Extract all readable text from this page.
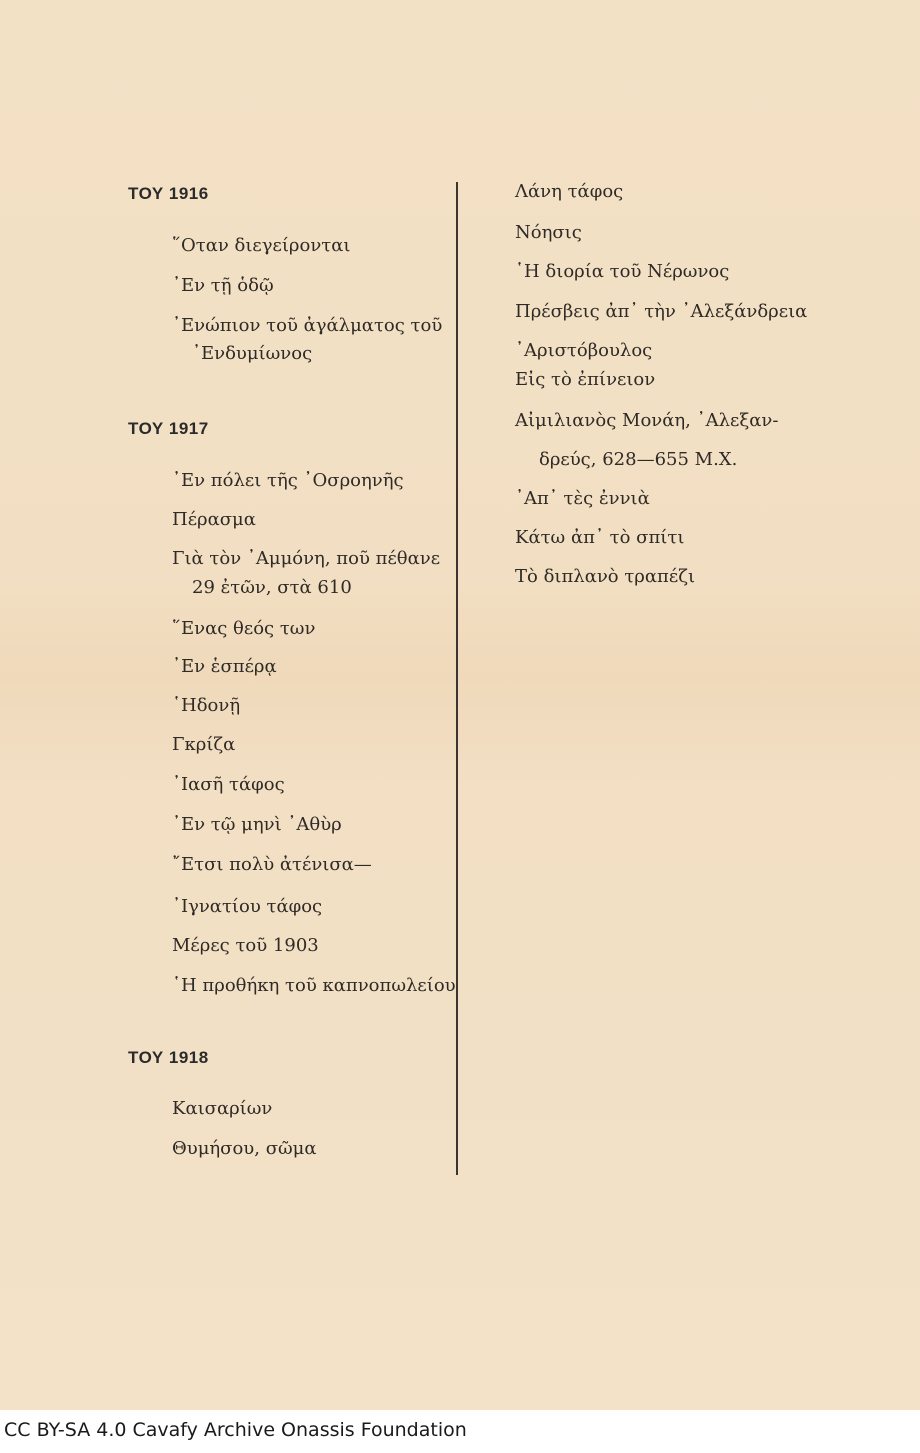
ΤΟΥ 1916

῞Οταν διεγείρονται

᾿Εν τῇ ὁδῷ

᾿Ενώπιον τοῦ ἀγάλματος τοῦ

᾿Ενδυμίωνος

ΤΟΥ 1917

᾿Εν πόλει τῆς ᾿Οσροηνῆς

Πέρασμα

Γιὰ τὸν ᾿Αμμόνη, ποῦ πέθανε

29 ἐτῶν, στὰ 610

῞Ενας θεός των

᾿Εν ἑσπέρᾳ

῾Ηδονῇ

Γκρίζα

᾿Ιασῆ τάφος

᾿Εν τῷ μηνὶ ᾿Αθὺρ

῎Ετσι πολὺ ἀτένισα—

᾿Ιγνατίου τάφος

Μέρες τοῦ 1903

῾Η προθήκη τοῦ καπνοπωλείου

ΤΟΥ 1918

Καισαρίων

Θυμήσου, σῶμα

Λάνη τάφος

Νόησις

῾Η διορία τοῦ Νέρωνος

Πρέσβεις ἀπ᾿ τὴν ᾿Αλεξάνδρεια

᾿Αριστόβουλος

Εἰς τὸ ἐπίνειον

Αἰμιλιανὸς Μονάη, ᾿Αλεξαν-

δρεύς, 628—655 Μ.Χ.

᾿Απ᾿ τὲς ἐννιὰ

Κάτω ἀπ᾿ τὸ σπίτι

Τὸ διπλανὸ τραπέζι

CC BY-SA 4.0 Cavafy Archive Onassis Foundation
